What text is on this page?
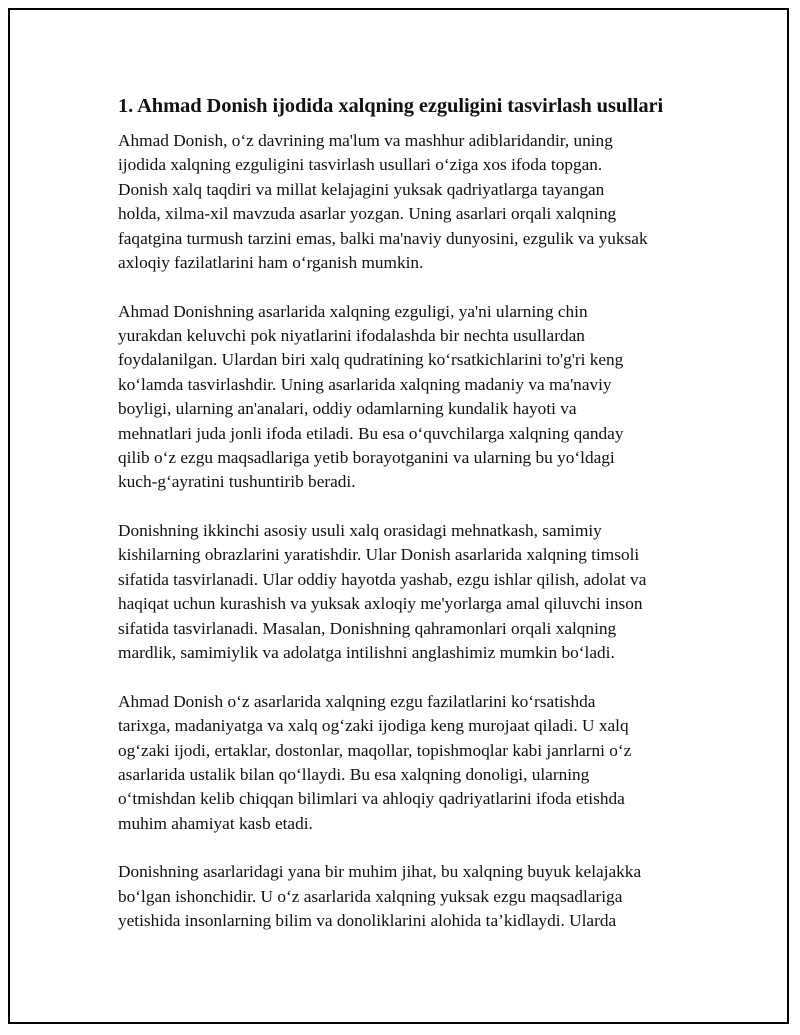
1. Ahmad Donish ijodida xalqning ezguligini tasvirlash usullari

Ahmad Donish, o‘z davrining ma'lum va mashhur adiblaridandir, uning
ijodida xalqning ezguligini tasvirlash usullari o‘ziga xos ifoda topgan.
Donish xalq taqdiri va millat kelajagini yuksak qadriyatlarga tayangan
holda, xilma-xil mavzuda asarlar yozgan. Uning asarlari orqali xalqning
faqatgina turmush tarzini emas, balki ma'naviy dunyosini, ezgulik va yuksak
axloqiy fazilatlarini ham o‘rganish mumkin.

Ahmad Donishning asarlarida xalqning ezguligi, ya'ni ularning chin
yurakdan keluvchi pok niyatlarini ifodalashda bir nechta usullardan
foydalanilgan. Ulardan biri xalq qudratining ko‘rsatkichlarini to'g'ri keng
ko‘lamda tasvirlashdir. Uning asarlarida xalqning madaniy va ma'naviy
boyligi, ularning an'analari, oddiy odamlarning kundalik hayoti va
mehnatlari juda jonli ifoda etiladi. Bu esa o‘quvchilarga xalqning qanday
qilib o‘z ezgu maqsadlariga yetib borayotganini va ularning bu yo‘ldagi
kuch-g‘ayratini tushuntirib beradi.

Donishning ikkinchi asosiy usuli xalq orasidagi mehnatkash, samimiy
kishilarning obrazlarini yaratishdir. Ular Donish asarlarida xalqning timsoli
sifatida tasvirlanadi. Ular oddiy hayotda yashab, ezgu ishlar qilish, adolat va
haqiqat uchun kurashish va yuksak axloqiy me'yorlarga amal qiluvchi inson
sifatida tasvirlanadi. Masalan, Donishning qahramonlari orqali xalqning
mardlik, samimiylik va adolatga intilishni anglashimiz mumkin bo‘ladi.

Ahmad Donish o‘z asarlarida xalqning ezgu fazilatlarini ko‘rsatishda
tarixga, madaniyatga va xalq og‘zaki ijodiga keng murojaat qiladi. U xalq
og‘zaki ijodi, ertaklar, dostonlar, maqollar, topishmoqlar kabi janrlarni o‘z
asarlarida ustalik bilan qo‘llaydi. Bu esa xalqning donoligi, ularning
o‘tmishdan kelib chiqqan bilimlari va ahloqiy qadriyatlarini ifoda etishda
muhim ahamiyat kasb etadi.

Donishning asarlaridagi yana bir muhim jihat, bu xalqning buyuk kelajakka
bo‘lgan ishonchidir. U o‘z asarlarida xalqning yuksak ezgu maqsadlariga
yetishida insonlarning bilim va donoliklarini alohida ta’kidlaydi. Ularda
